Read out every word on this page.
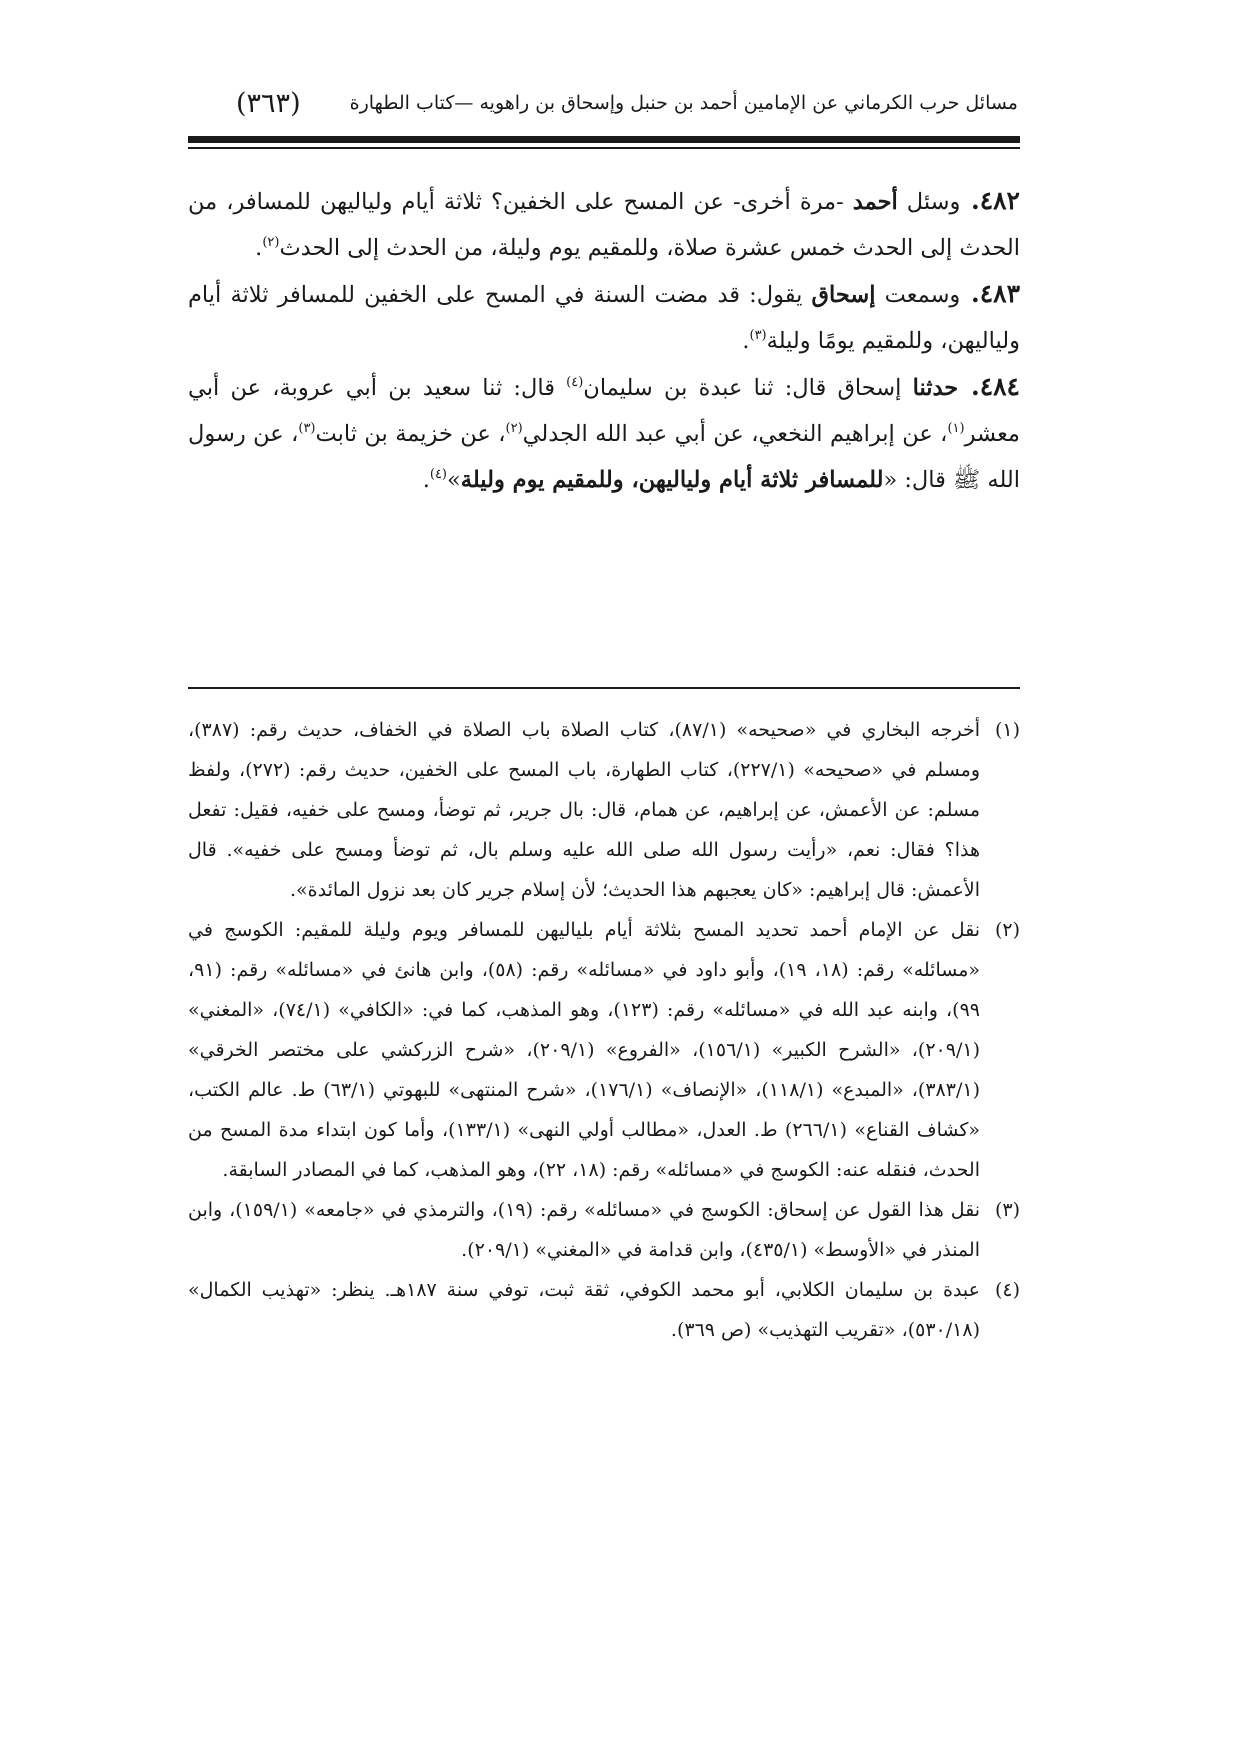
مسائل حرب الكرماني عن الإمامين أحمد بن حنبل وإسحاق بن راهويه —كتاب الطهارة
(٣٦٣)

٤٨٢. وسئل أحمد -مرة أخرى- عن المسح على الخفين؟ ثلاثة أيام ولياليهن للمسافر، من الحدث إلى الحدث خمس عشرة صلاة، وللمقيم يوم وليلة، من الحدث إلى الحدث$^{(٢)}$.

٤٨٣. وسمعت إسحاق يقول: قد مضت السنة في المسح على الخفين للمسافر ثلاثة أيام ولياليهن، وللمقيم يومًا وليلة$^{(٣)}$.

٤٨٤. حدثنا إسحاق قال: ثنا عبدة بن سليمان$^{(٤)}$ قال: ثنا سعيد بن أبي عروبة، عن أبي معشر$^{(١)}$، عن إبراهيم النخعي، عن أبي عبد الله الجدلي$^{(٢)}$، عن خزيمة بن ثابت$^{(٣)}$، عن رسول الله ﷺ قال: «للمسافر ثلاثة أيام ولياليهن، وللمقيم يوم وليلة»$^{(٤)}$.

(١)
أخرجه البخاري في «صحيحه» (٨٧/١)، كتاب الصلاة باب الصلاة في الخفاف، حديث رقم: (٣٨٧)، ومسلم في «صحيحه» (٢٢٧/١)، كتاب الطهارة، باب المسح على الخفين، حديث رقم: (٢٧٢)، ولفظ مسلم: عن الأعمش، عن إبراهيم، عن همام، قال: بال جرير، ثم توضأ، ومسح على خفيه، فقيل: تفعل هذا؟ فقال: نعم، «رأيت رسول الله صلى الله عليه وسلم بال، ثم توضأ ومسح على خفيه». قال الأعمش: قال إبراهيم: «كان يعجبهم هذا الحديث؛ لأن إسلام جرير كان بعد نزول المائدة».

(٢)
نقل عن الإمام أحمد تحديد المسح بثلاثة أيام بلياليهن للمسافر ويوم وليلة للمقيم: الكوسج في «مسائله» رقم: (١٨، ١٩)، وأبو داود في «مسائله» رقم: (٥٨)، وابن هانئ في «مسائله» رقم: (٩١، ٩٩)، وابنه عبد الله في «مسائله» رقم: (١٢٣)، وهو المذهب، كما في: «الكافي» (٧٤/١)، «المغني» (٢٠٩/١)، «الشرح الكبير» (١٥٦/١)، «الفروع» (٢٠٩/١)، «شرح الزركشي على مختصر الخرقي» (٣٨٣/١)، «المبدع» (١١٨/١)، «الإنصاف» (١٧٦/١)، «شرح المنتهى» للبهوتي (٦٣/١) ط. عالم الكتب، «كشاف القناع» (٢٦٦/١) ط. العدل، «مطالب أولي النهى» (١٣٣/١)، وأما كون ابتداء مدة المسح من الحدث، فنقله عنه: الكوسج في «مسائله» رقم: (١٨، ٢٢)، وهو المذهب، كما في المصادر السابقة.

(٣)
نقل هذا القول عن إسحاق: الكوسج في «مسائله» رقم: (١٩)، والترمذي في «جامعه» (١٥٩/١)، وابن المنذر في «الأوسط» (٤٣٥/١)، وابن قدامة في «المغني» (٢٠٩/١).

(٤)
عبدة بن سليمان الكلابي، أبو محمد الكوفي، ثقة ثبت، توفي سنة ١٨٧هـ. ينظر: «تهذيب الكمال» (٥٣٠/١٨)، «تقريب التهذيب» (ص ٣٦٩).
